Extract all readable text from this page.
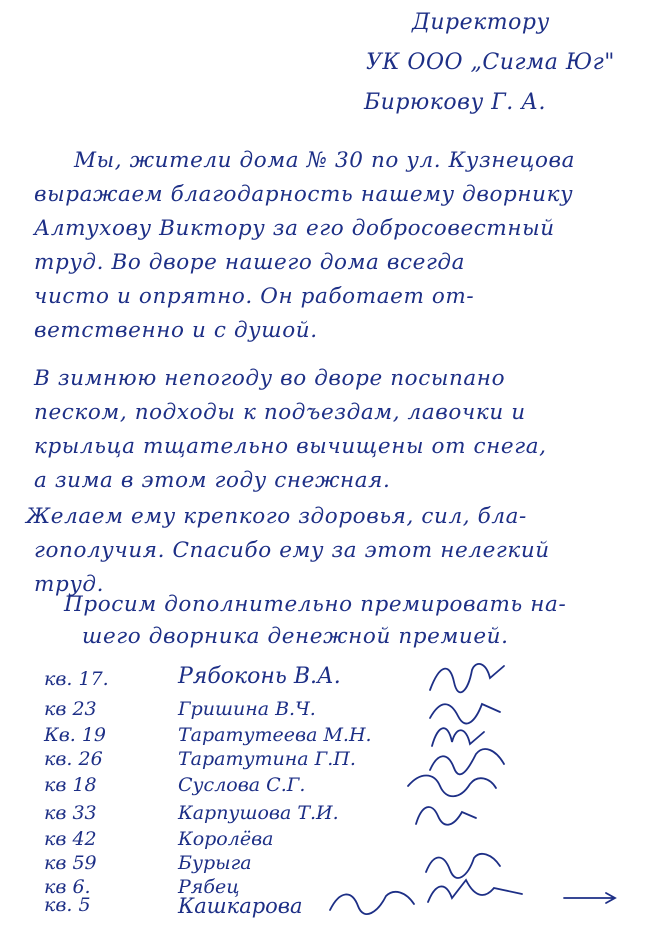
Директору
УК ООО „Сигма Юг"
Бирюкову Г. А.
Мы, жители дома № 30 по ул. Кузнецова
выражаем благодарность нашему дворнику
Алтухову Виктору за его добросовестный
труд. Во дворе нашего дома всегда
чисто и опрятно. Он работает от-
ветственно и с душой.
В зимнюю непогоду во дворе посыпано
песком, подходы к подъездам, лавочки и
крыльца тщательно вычищены от снега,
а зима в этом году снежная.
Желаем ему крепкого здоровья, сил, бла-
гополучия. Спасибо ему за этот нелегкий
труд.
Просим дополнительно премировать на-
шего дворника денежной премией.
кв. 17.	Рябоконь В.А.
кв 23	Гришина В.Ч.
Кв. 19	Таратутеева М.Н.
кв. 26	Таратутина Г.П.
кв 18	Суслова С.Г.
кв 33	Карпушова Т.И.
кв 42	Королёва
кв 59	Бурыга
кв 6.	Рябец
кв. 5	Кашкарова
